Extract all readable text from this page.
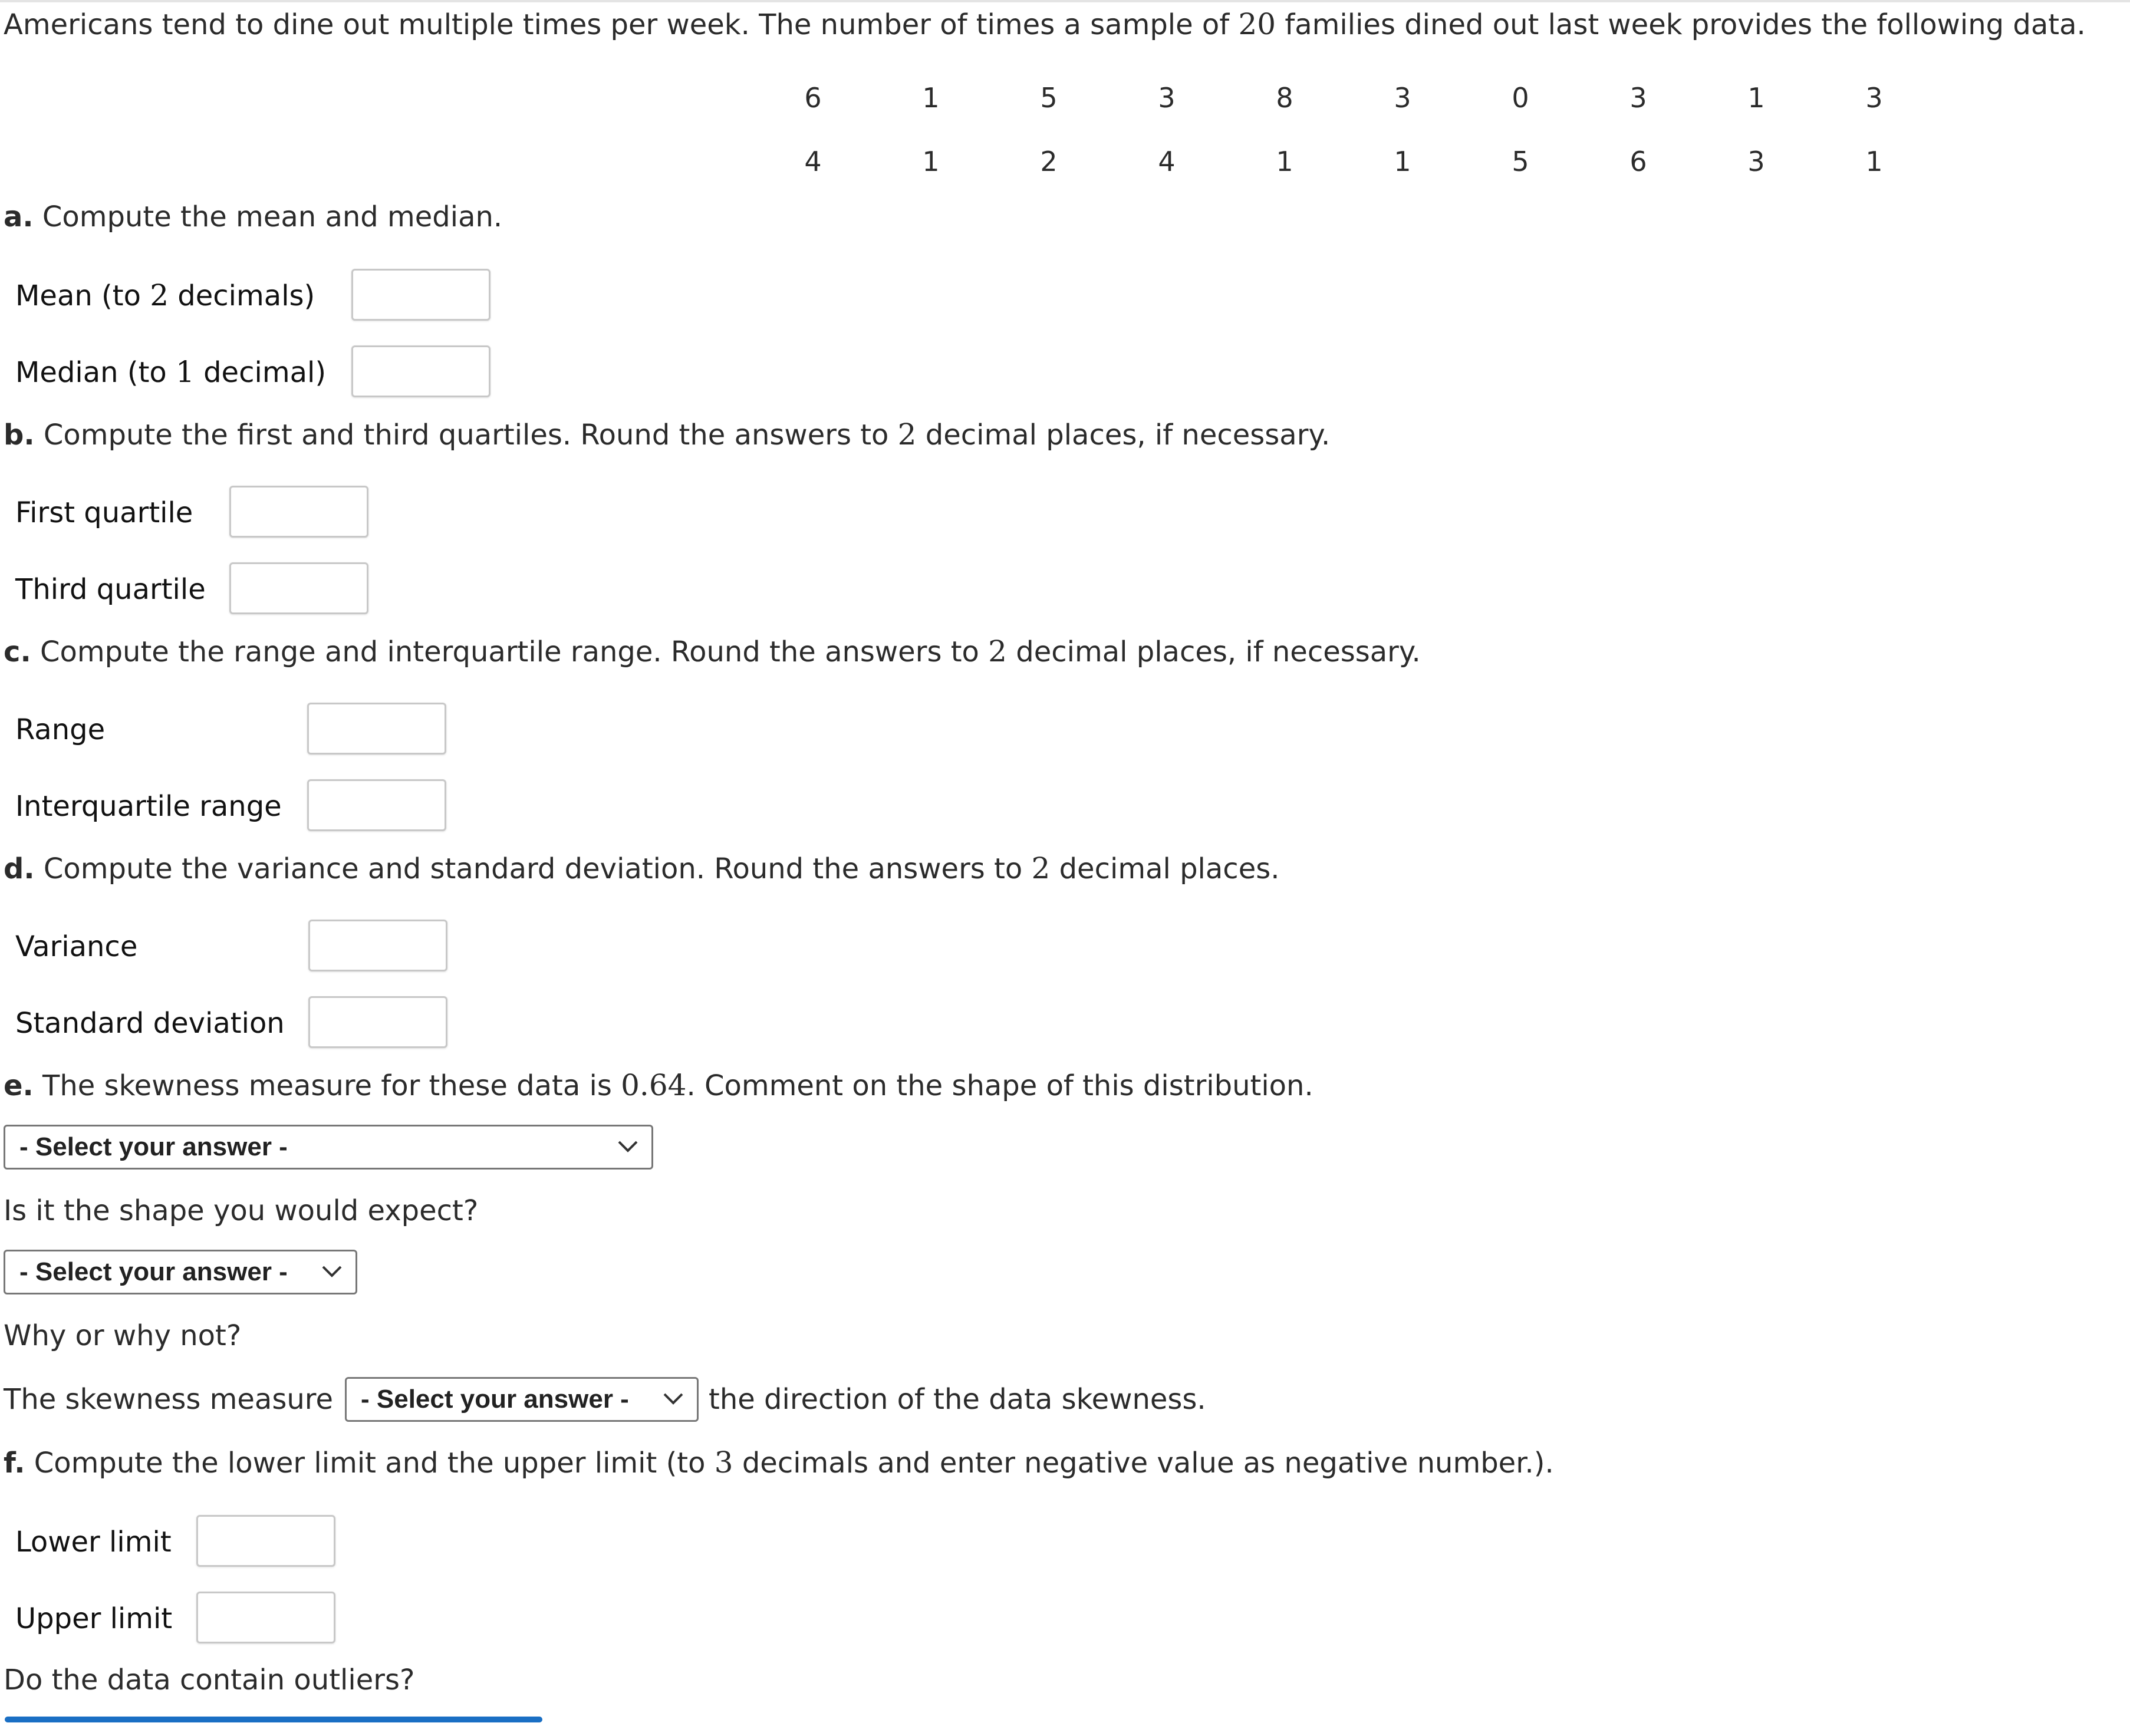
Americans tend to dine out multiple times per week. The number of times a sample of 20 families dined out last week provides the following data.
6	1	5	3	8	3	0	3	1	3
4	1	2	4	1	1	5	6	3	1
a. Compute the mean and median.
Mean (to 2 decimals)
Median (to 1 decimal)
b. Compute the first and third quartiles. Round the answers to 2 decimal places, if necessary.
First quartile
Third quartile
c. Compute the range and interquartile range. Round the answers to 2 decimal places, if necessary.
Range
Interquartile range
d. Compute the variance and standard deviation. Round the answers to 2 decimal places.
Variance
Standard deviation
e. The skewness measure for these data is 0.64. Comment on the shape of this distribution.
- Select your answer -
Is it the shape you would expect?
- Select your answer -
Why or why not?
The skewness measure - Select your answer -	the direction of the data skewness.
f. Compute the lower limit and the upper limit (to 3 decimals and enter negative value as negative number.).
Lower limit
Upper limit
Do the data contain outliers?
